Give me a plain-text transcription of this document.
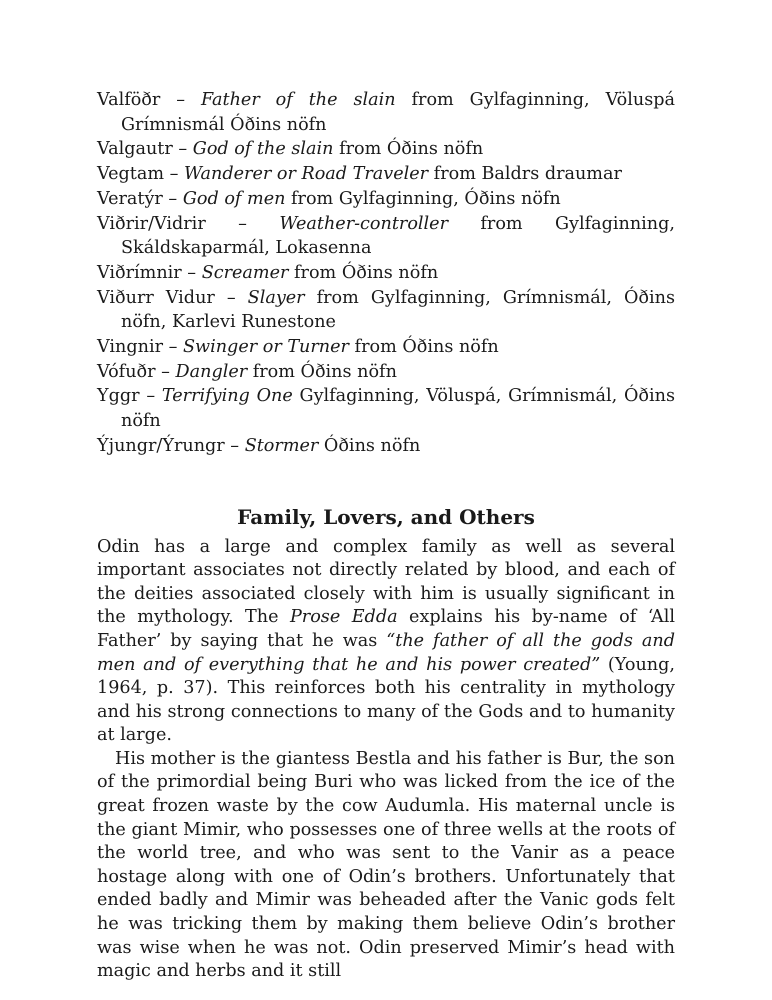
Valföðr – Father of the slain from Gylfaginning, Völuspá Grímnismál Óðins nöfn

Valgautr – God of the slain from Óðins nöfn

Vegtam – Wanderer or Road Traveler from Baldrs draumar

Veratýr – God of men from Gylfaginning, Óðins nöfn

Viðrir/Vidrir – Weather-controller from Gylfaginning, Skáldskaparmál, Lokasenna

Viðrímnir – Screamer from Óðins nöfn

Viðurr Vidur – Slayer from Gylfaginning, Grímnismál, Óðins nöfn, Karlevi Runestone

Vingnir – Swinger or Turner from Óðins nöfn

Vófuðr – Dangler from Óðins nöfn

Yggr – Terrifying One Gylfaginning, Völuspá, Grímnismál, Óðins nöfn

Ýjungr/Ýrungr – Stormer Óðins nöfn

Family, Lovers, and Others

Odin has a large and complex family as well as several important associates not directly related by blood, and each of the deities associated closely with him is usually significant in the mythology. The Prose Edda explains his by-name of ‘All Father’ by saying that he was “the father of all the gods and men and of everything that he and his power created” (Young, 1964, p. 37). This reinforces both his centrality in mythology and his strong connections to many of the Gods and to humanity at large.

His mother is the giantess Bestla and his father is Bur, the son of the primordial being Buri who was licked from the ice of the great frozen waste by the cow Audumla. His maternal uncle is the giant Mimir, who possesses one of three wells at the roots of the world tree, and who was sent to the Vanir as a peace hostage along with one of Odin’s brothers. Unfortunately that ended badly and Mimir was beheaded after the Vanic gods felt he was tricking them by making them believe Odin’s brother was wise when he was not. Odin preserved Mimir’s head with magic and herbs and it still
